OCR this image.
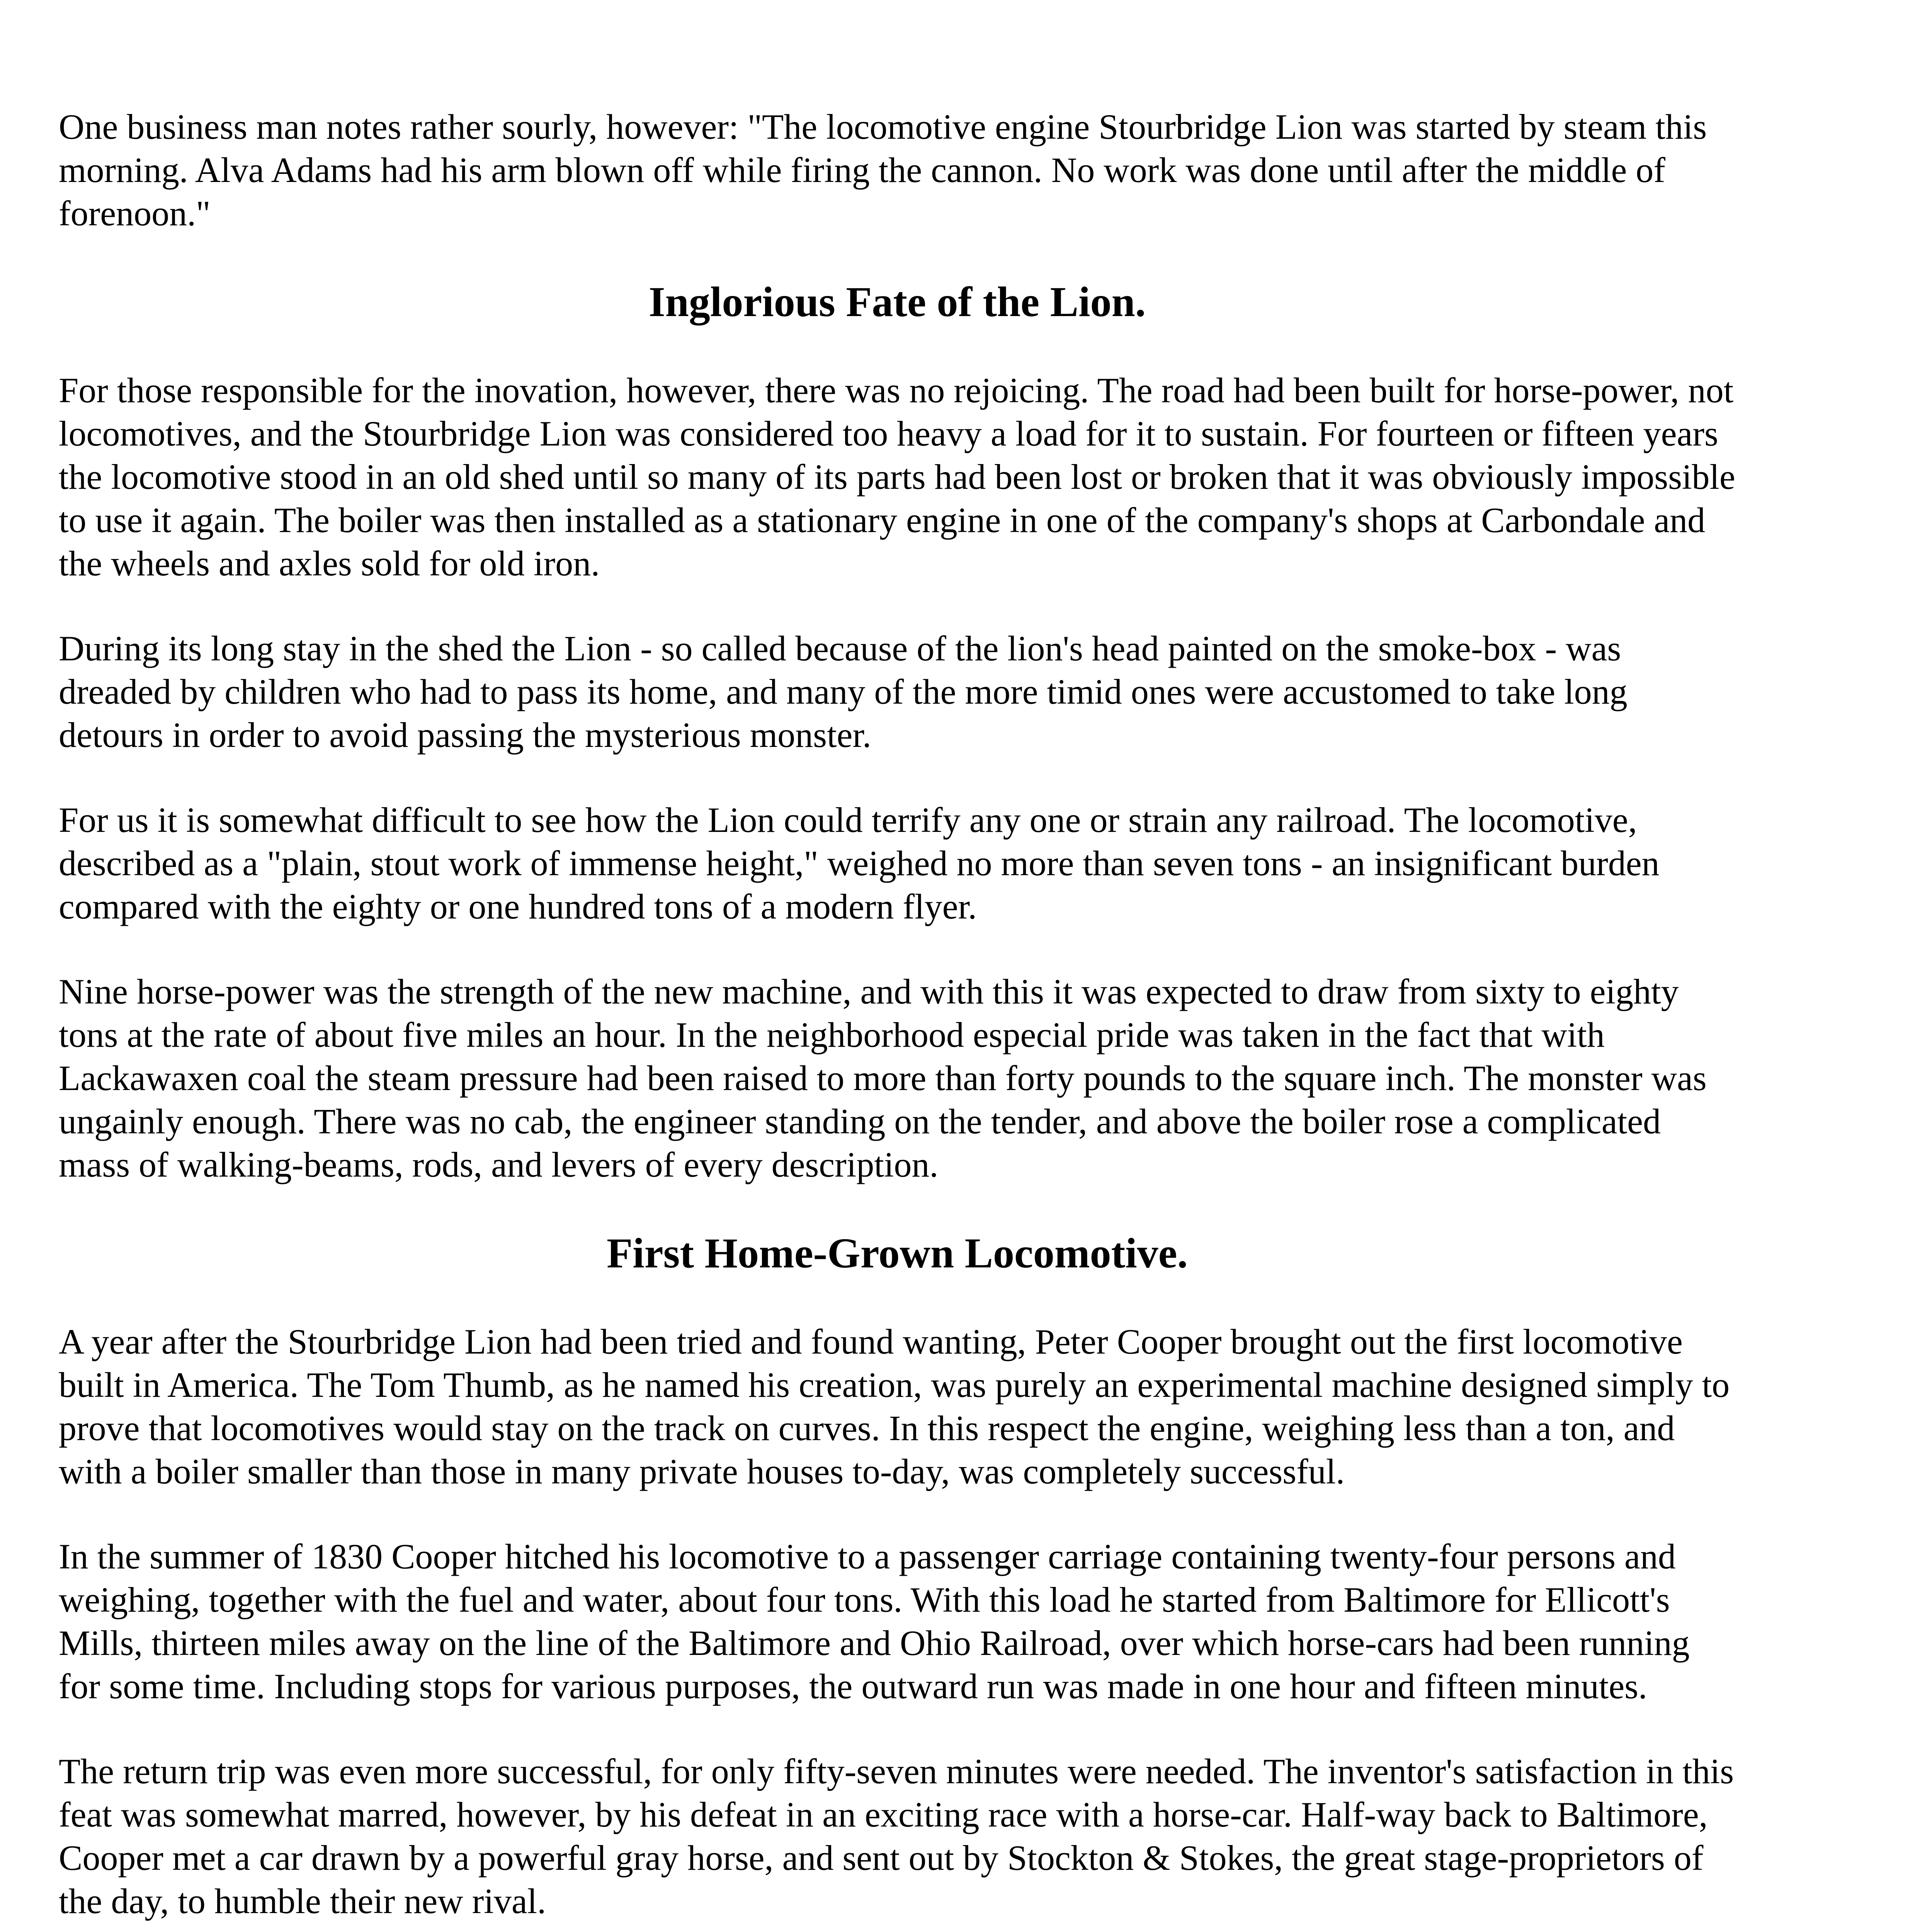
One business man notes rather sourly, however: "The locomotive engine Stourbridge Lion was started by steam this morning. Alva Adams had his arm blown off while firing the cannon. No work was done until after the middle of forenoon."

Inglorious Fate of the Lion.

For those responsible for the inovation, however, there was no rejoicing. The road had been built for horse-power, not locomotives, and the Stourbridge Lion was considered too heavy a load for it to sustain. For fourteen or fifteen years the locomotive stood in an old shed until so many of its parts had been lost or broken that it was obviously impossible to use it again. The boiler was then installed as a stationary engine in one of the company's shops at Carbondale and the wheels and axles sold for old iron.

During its long stay in the shed the Lion - so called because of the lion's head painted on the smoke-box - was dreaded by children who had to pass its home, and many of the more timid ones were accustomed to take long detours in order to avoid passing the mysterious monster.

For us it is somewhat difficult to see how the Lion could terrify any one or strain any railroad. The locomotive, described as a "plain, stout work of immense height," weighed no more than seven tons - an insignificant burden compared with the eighty or one hundred tons of a modern flyer.

Nine horse-power was the strength of the new machine, and with this it was expected to draw from sixty to eighty tons at the rate of about five miles an hour. In the neighborhood especial pride was taken in the fact that with Lackawaxen coal the steam pressure had been raised to more than forty pounds to the square inch. The monster was ungainly enough. There was no cab, the engineer standing on the tender, and above the boiler rose a complicated mass of walking-beams, rods, and levers of every description.

First Home-Grown Locomotive.

A year after the Stourbridge Lion had been tried and found wanting, Peter Cooper brought out the first locomotive built in America. The Tom Thumb, as he named his creation, was purely an experimental machine designed simply to prove that locomotives would stay on the track on curves. In this respect the engine, weighing less than a ton, and with a boiler smaller than those in many private houses to-day, was completely successful.

In the summer of 1830 Cooper hitched his locomotive to a passenger carriage containing twenty-four persons and weighing, together with the fuel and water, about four tons. With this load he started from Baltimore for Ellicott's Mills, thirteen miles away on the line of the Baltimore and Ohio Railroad, over which horse-cars had been running for some time. Including stops for various purposes, the outward run was made in one hour and fifteen minutes.

The return trip was even more successful, for only fifty-seven minutes were needed. The inventor's satisfaction in this feat was somewhat marred, however, by his defeat in an exciting race with a horse-car. Half-way back to Baltimore, Cooper met a car drawn by a powerful gray horse, and sent out by Stockton & Stokes, the great stage-proprietors of the day, to humble their new rival.
